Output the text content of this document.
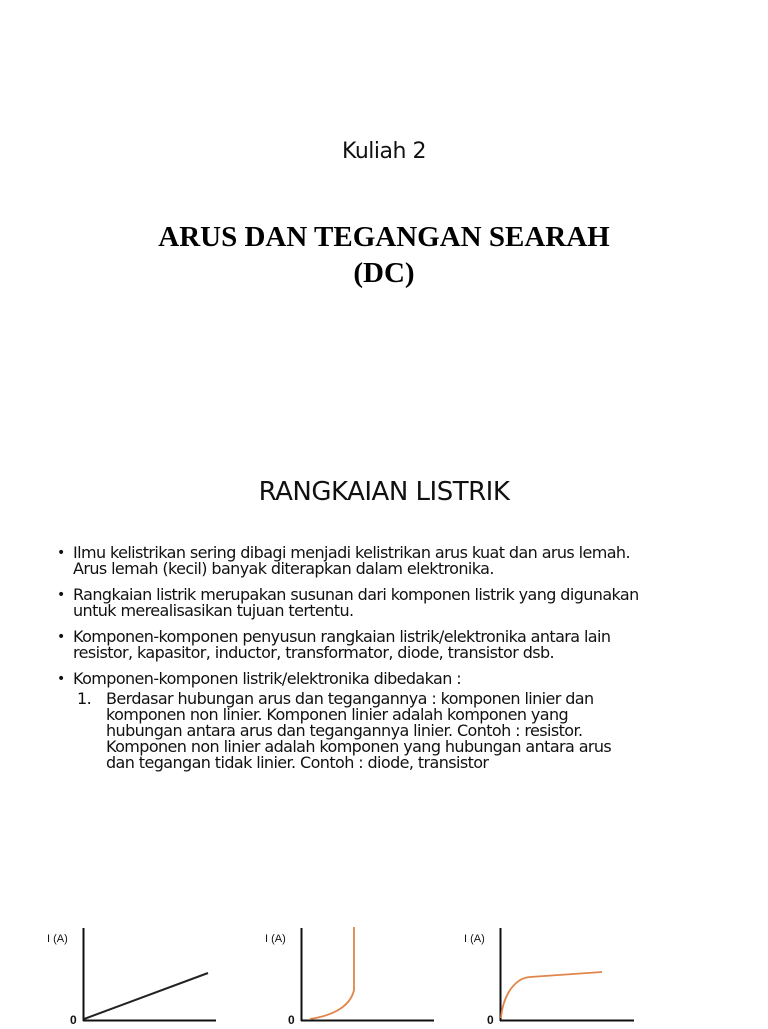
Kuliah 2
ARUS DAN TEGANGAN SEARAH
(DC)
RANGKAIAN LISTRIK
• Ilmu kelistrikan sering dibagi menjadi kelistrikan arus kuat dan arus lemah.
Arus lemah (kecil) banyak diterapkan dalam elektronika.
• Rangkaian listrik merupakan susunan dari komponen listrik yang digunakan
untuk merealisasikan tujuan tertentu.
• Komponen-komponen penyusun rangkaian listrik/elektronika antara lain
resistor, kapasitor, inductor, transformator, diode, transistor dsb.
• Komponen-komponen listrik/elektronika dibedakan :
1. Berdasar hubungan arus dan tegangannya : komponen linier dan
komponen non linier. Komponen linier adalah komponen yang
hubungan antara arus dan tegangannya linier. Contoh : resistor.
Komponen non linier adalah komponen yang hubungan antara arus
dan tegangan tidak linier. Contoh : diode, transistor
I (A)
0
I (A)
0
I (A)
0
